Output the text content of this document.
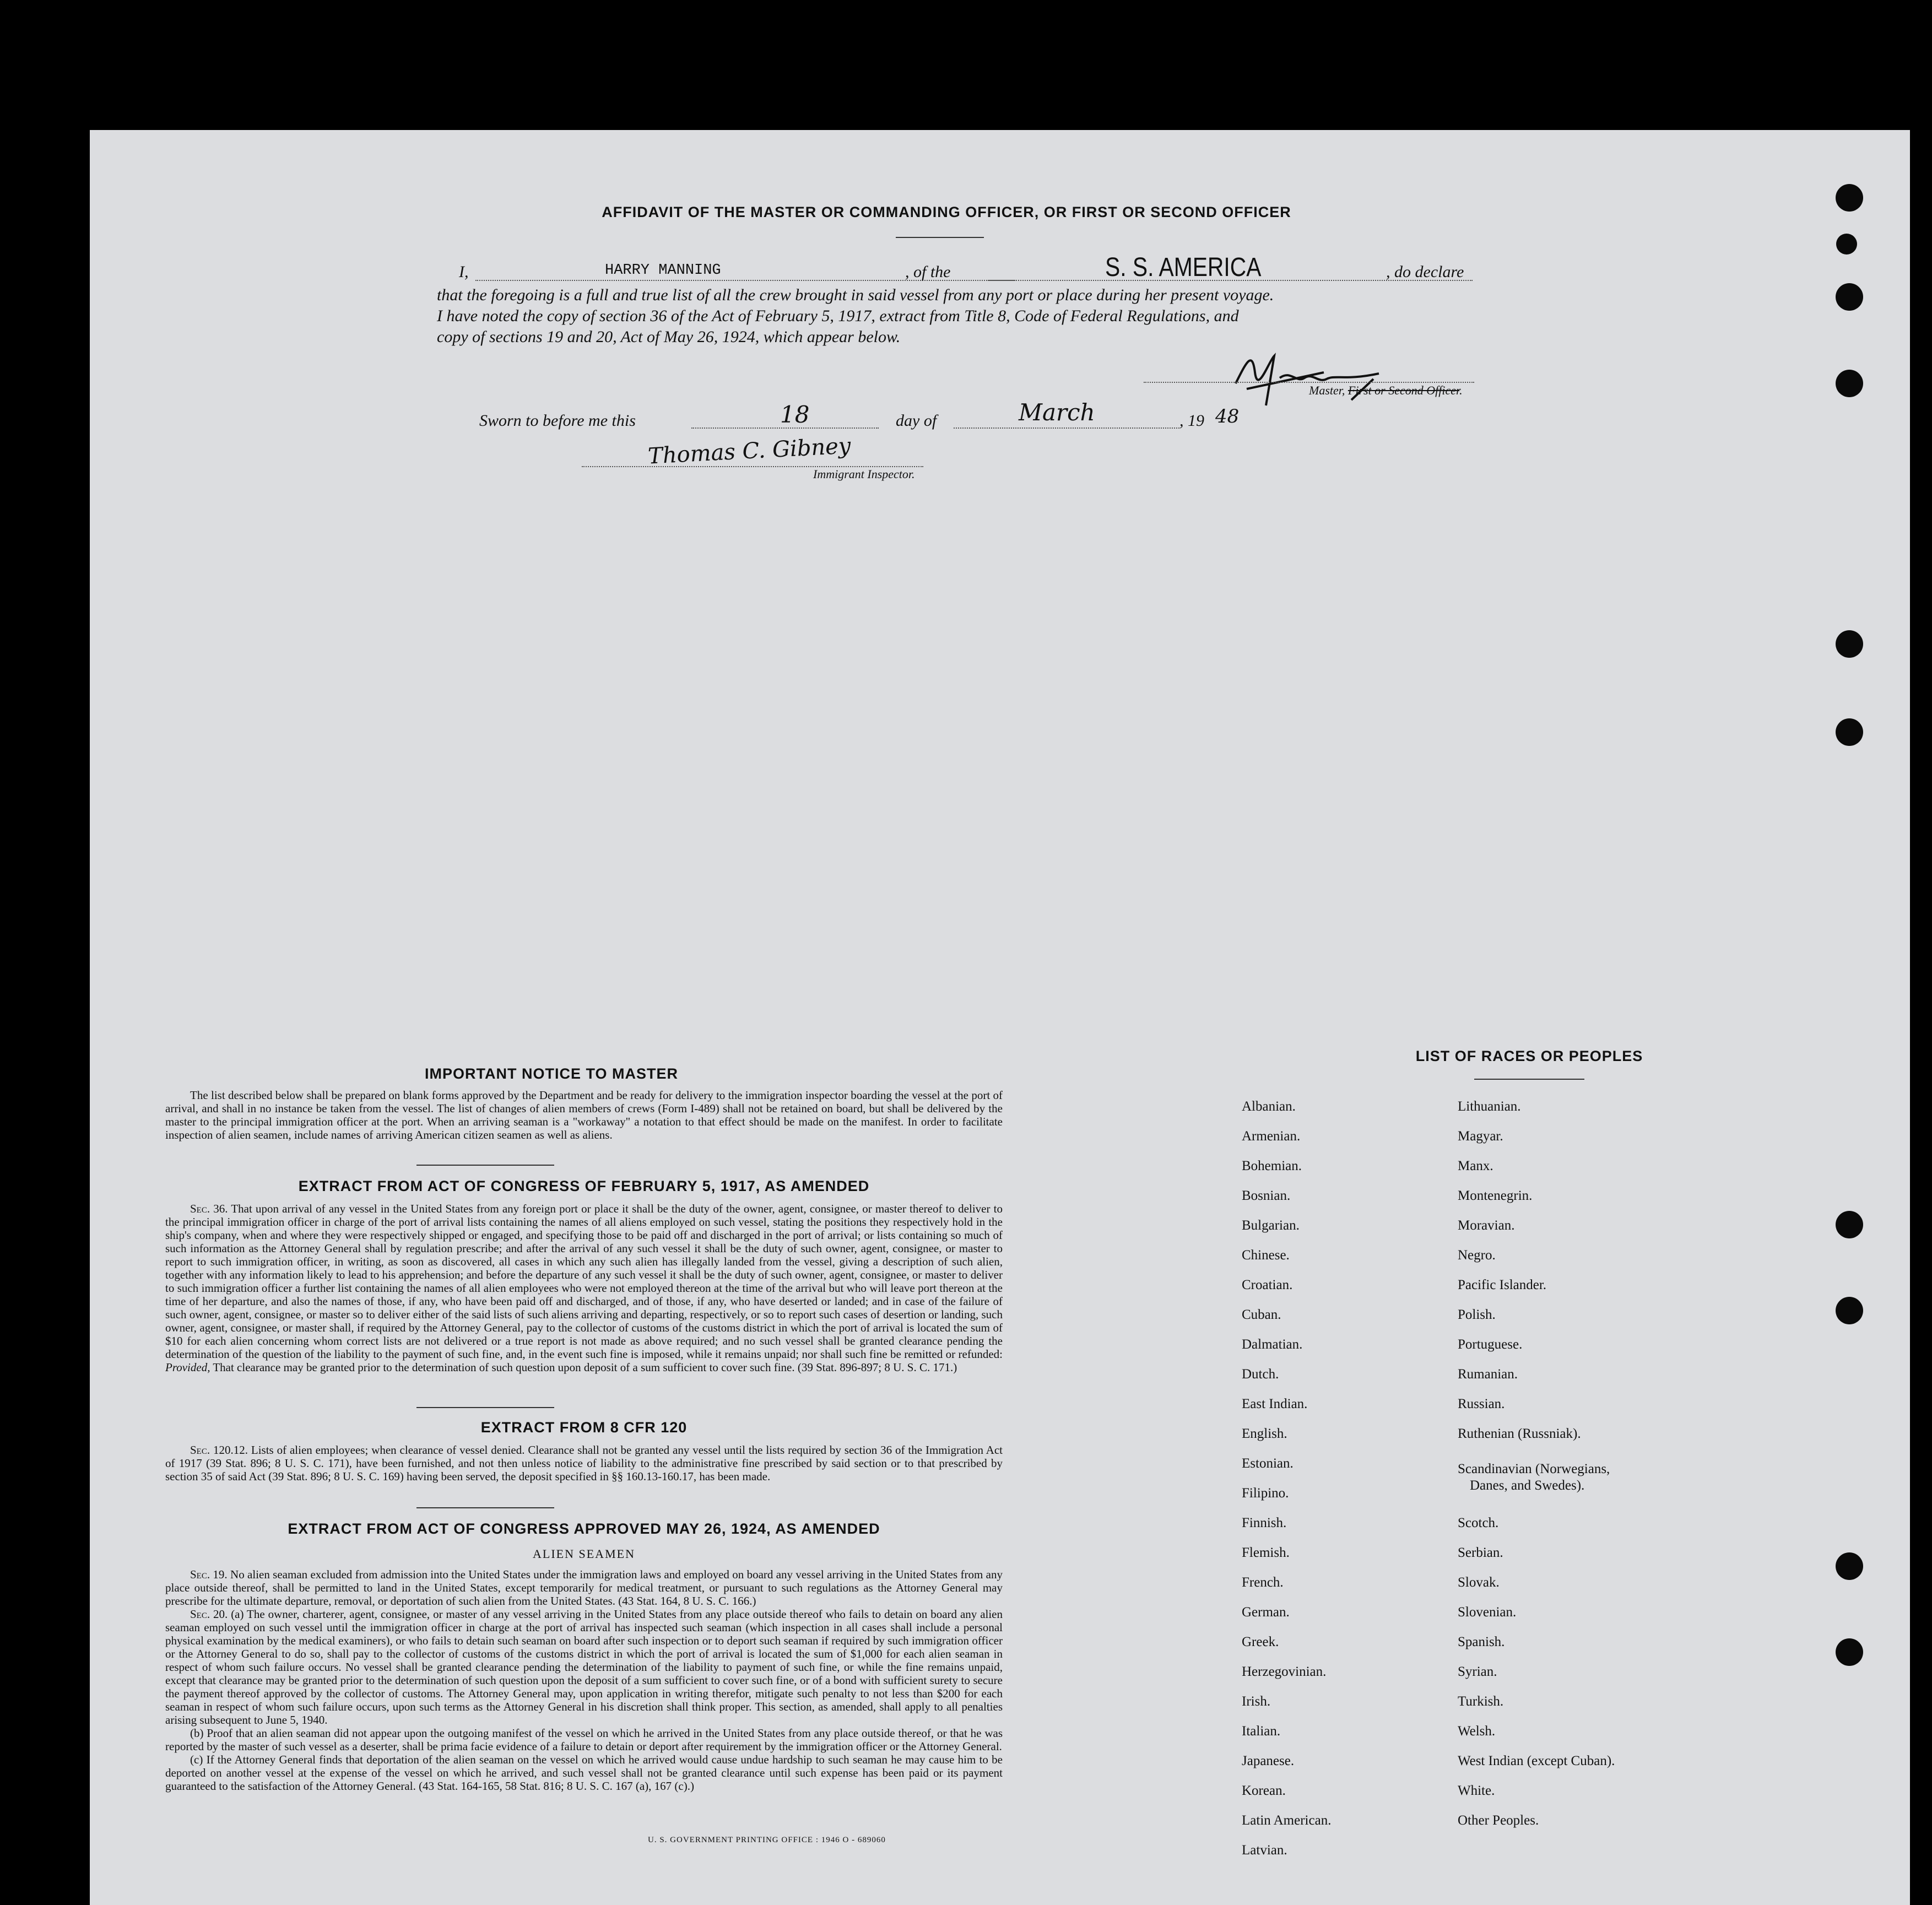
AFFIDAVIT OF THE MASTER OR COMMANDING OFFICER, OR FIRST OR SECOND OFFICER
I,	HARRY MANNING	, of the	S. S. AMERICA	, do declare
that the foregoing is a full and true list of all the crew brought in said vessel from any port or place during her present voyage.
I have noted the copy of section 36 of the Act of February 5, 1917, extract from Title 8, Code of Federal Regulations, and
copy of sections 19 and 20, Act of May 26, 1924, which appear below.
Master, First or Second Officer.
Sworn to before me this	18	day of	March	, 19 48
Thomas C. Gibney
Immigrant Inspector.
IMPORTANT NOTICE TO MASTER

The list described below shall be prepared on blank forms approved by the Department and be ready for delivery to the immigration inspector boarding the vessel at the port of arrival, and shall in no instance be taken from the vessel. The list of changes of alien members of crews (Form I-489) shall not be retained on board, but shall be delivered by the master to the principal immigration officer at the port. When an arriving seaman is a "workaway" a notation to that effect should be made on the manifest. In order to facilitate inspection of alien seamen, include names of arriving American citizen seamen as well as aliens.

EXTRACT FROM ACT OF CONGRESS OF FEBRUARY 5, 1917, AS AMENDED

Sec. 36. That upon arrival of any vessel in the United States from any foreign port or place it shall be the duty of the owner, agent, consignee, or master thereof to deliver to the principal immigration officer in charge of the port of arrival lists containing the names of all aliens employed on such vessel, stating the positions they respectively hold in the ship's company, when and where they were respectively shipped or engaged, and specifying those to be paid off and discharged in the port of arrival; or lists containing so much of such information as the Attorney General shall by regulation prescribe; and after the arrival of any such vessel it shall be the duty of such owner, agent, consignee, or master to report to such immigration officer, in writing, as soon as discovered, all cases in which any such alien has illegally landed from the vessel, giving a description of such alien, together with any information likely to lead to his apprehension; and before the departure of any such vessel it shall be the duty of such owner, agent, consignee, or master to deliver to such immigration officer a further list containing the names of all alien employees who were not employed thereon at the time of the arrival but who will leave port thereon at the time of her departure, and also the names of those, if any, who have been paid off and discharged, and of those, if any, who have deserted or landed; and in case of the failure of such owner, agent, consignee, or master so to deliver either of the said lists of such aliens arriving and departing, respectively, or so to report such cases of desertion or landing, such owner, agent, consignee, or master shall, if required by the Attorney General, pay to the collector of customs of the customs district in which the port of arrival is located the sum of $10 for each alien concerning whom correct lists are not delivered or a true report is not made as above required; and no such vessel shall be granted clearance pending the determination of the question of the liability to the payment of such fine, and, in the event such fine is imposed, while it remains unpaid; nor shall such fine be remitted or refunded: Provided, That clearance may be granted prior to the determination of such question upon deposit of a sum sufficient to cover such fine. (39 Stat. 896-897; 8 U. S. C. 171.)

EXTRACT FROM 8 CFR 120

Sec. 120.12. Lists of alien employees; when clearance of vessel denied. Clearance shall not be granted any vessel until the lists required by section 36 of the Immigration Act of 1917 (39 Stat. 896; 8 U. S. C. 171), have been furnished, and not then unless notice of liability to the administrative fine prescribed by said section or to that prescribed by section 35 of said Act (39 Stat. 896; 8 U. S. C. 169) having been served, the deposit specified in §§ 160.13-160.17, has been made.

EXTRACT FROM ACT OF CONGRESS APPROVED MAY 26, 1924, AS AMENDED
ALIEN SEAMEN

Sec. 19. No alien seaman excluded from admission into the United States under the immigration laws and employed on board any vessel arriving in the United States from any place outside thereof, shall be permitted to land in the United States, except temporarily for medical treatment, or pursuant to such regulations as the Attorney General may prescribe for the ultimate departure, removal, or deportation of such alien from the United States. (43 Stat. 164, 8 U. S. C. 166.)

Sec. 20. (a) The owner, charterer, agent, consignee, or master of any vessel arriving in the United States from any place outside thereof who fails to detain on board any alien seaman employed on such vessel until the immigration officer in charge at the port of arrival has inspected such seaman (which inspection in all cases shall include a personal physical examination by the medical examiners), or who fails to detain such seaman on board after such inspection or to deport such seaman if required by such immigration officer or the Attorney General to do so, shall pay to the collector of customs of the customs district in which the port of arrival is located the sum of $1,000 for each alien seaman in respect of whom such failure occurs. No vessel shall be granted clearance pending the determination of the liability to payment of such fine, or while the fine remains unpaid, except that clearance may be granted prior to the determination of such question upon the deposit of a sum sufficient to cover such fine, or of a bond with sufficient surety to secure the payment thereof approved by the collector of customs. The Attorney General may, upon application in writing therefor, mitigate such penalty to not less than $200 for each seaman in respect of whom such failure occurs, upon such terms as the Attorney General in his discretion shall think proper. This section, as amended, shall apply to all penalties arising subsequent to June 5, 1940.

(b) Proof that an alien seaman did not appear upon the outgoing manifest of the vessel on which he arrived in the United States from any place outside thereof, or that he was reported by the master of such vessel as a deserter, shall be prima facie evidence of a failure to detain or deport after requirement by the immigration officer or the Attorney General.

(c) If the Attorney General finds that deportation of the alien seaman on the vessel on which he arrived would cause undue hardship to such seaman he may cause him to be deported on another vessel at the expense of the vessel on which he arrived, and such vessel shall not be granted clearance until such expense has been paid or its payment guaranteed to the satisfaction of the Attorney General. (43 Stat. 164-165, 58 Stat. 816; 8 U. S. C. 167 (a), 167 (c).)

U. S. GOVERNMENT PRINTING OFFICE : 1946 O - 689060
LIST OF RACES OR PEOPLES
Albanian.
Armenian.
Bohemian.
Bosnian.
Bulgarian.
Chinese.
Croatian.
Cuban.
Dalmatian.
Dutch.
East Indian.
English.
Estonian.
Filipino.
Finnish.
Flemish.
French.
German.
Greek.
Herzegovinian.
Irish.
Italian.
Japanese.
Korean.
Latin American.
Latvian.
Lithuanian.
Magyar.
Manx.
Montenegrin.
Moravian.
Negro.
Pacific Islander.
Polish.
Portuguese.
Rumanian.
Russian.
Ruthenian (Russniak).
Scandinavian (Norwegians,
Danes, and Swedes).
Scotch.
Serbian.
Slovak.
Slovenian.
Spanish.
Syrian.
Turkish.
Welsh.
West Indian (except Cuban).
White.
Other Peoples.
